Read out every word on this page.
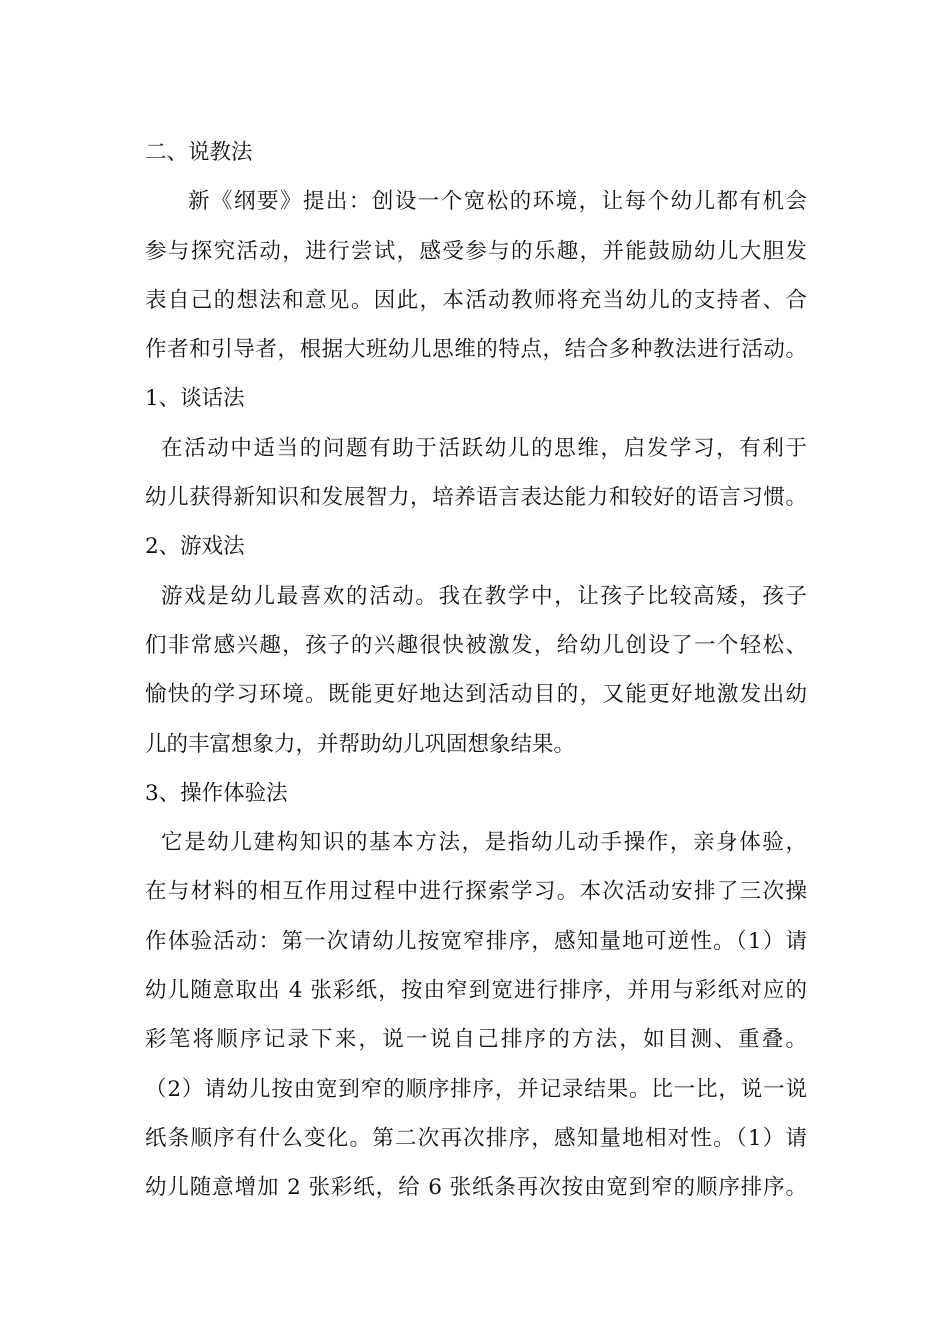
二、说教法
新《纲要》提出：创设一个宽松的环境，让每个幼儿都有机会
参与探究活动，进行尝试，感受参与的乐趣，并能鼓励幼儿大胆发
表自己的想法和意见。因此，本活动教师将充当幼儿的支持者、合
作者和引导者，根据大班幼儿思维的特点，结合多种教法进行活动。
1、谈话法
在活动中适当的问题有助于活跃幼儿的思维，启发学习，有利于
幼儿获得新知识和发展智力，培养语言表达能力和较好的语言习惯。
2、游戏法
游戏是幼儿最喜欢的活动。我在教学中，让孩子比较高矮，孩子
们非常感兴趣，孩子的兴趣很快被激发，给幼儿创设了一个轻松、
愉快的学习环境。既能更好地达到活动目的，又能更好地激发出幼
儿的丰富想象力，并帮助幼儿巩固想象结果。
3、操作体验法
它是幼儿建构知识的基本方法，是指幼儿动手操作，亲身体验，
在与材料的相互作用过程中进行探索学习。本次活动安排了三次操
作体验活动：第一次请幼儿按宽窄排序，感知量地可逆性。（1）请
幼儿随意取出 4 张彩纸，按由窄到宽进行排序，并用与彩纸对应的
彩笔将顺序记录下来，说一说自己排序的方法，如目测、重叠。
（2）请幼儿按由宽到窄的顺序排序，并记录结果。比一比，说一说
纸条顺序有什么变化。第二次再次排序，感知量地相对性。（1）请
幼儿随意增加 2 张彩纸，给 6 张纸条再次按由宽到窄的顺序排序。
